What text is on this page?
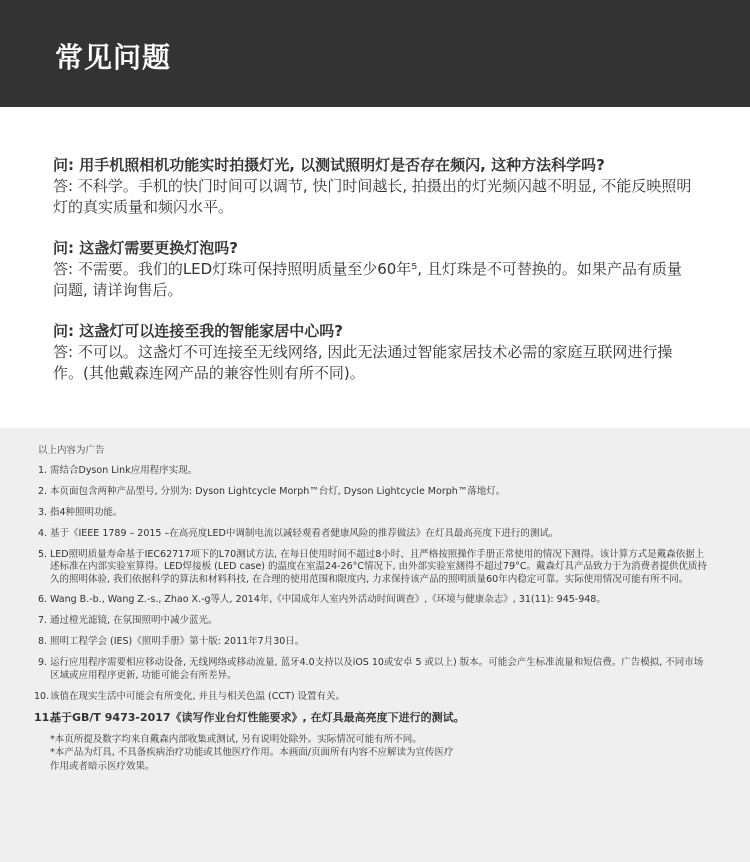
常见问题
问: 用手机照相机功能实时拍摄灯光, 以测试照明灯是否存在频闪, 这种方法科学吗?
答: 不科学。手机的快门时间可以调节, 快门时间越长, 拍摄出的灯光频闪越不明显, 不能反映照明灯的真实质量和频闪水平。
问: 这盏灯需要更换灯泡吗?
答: 不需要。我们的LED灯珠可保持照明质量至少60年⁵, 且灯珠是不可替换的。如果产品有质量问题, 请详询售后。
问: 这盏灯可以连接至我的智能家居中心吗?
答: 不可以。这盏灯不可连接至无线网络, 因此无法通过智能家居技术必需的家庭互联网进行操作。(其他戴森连网产品的兼容性则有所不同)。
以上内容为广告
1. 需结合Dyson Link应用程序实现。
2. 本页面包含两种产品型号, 分别为: Dyson Lightcycle Morph™台灯, Dyson Lightcycle Morph™落地灯。
3. 指4种照明功能。
4. 基于《IEEE 1789 – 2015 –在高亮度LED中调制电流以减轻观看者健康风险的推荐做法》在灯具最高亮度下进行的测试。
5. LED照明质量寿命基于IEC62717项下的L70测试方法, 在每日使用时间不超过8小时、且严格按照操作手册正常使用的情况下测得。该计算方式是戴森依据上述标准在内部实验室算得。LED焊接板 (LED case) 的温度在室温24-26°C情况下, 由外部实验室测得不超过79°C。戴森灯具产品致力于为消费者提供优质持久的照明体验, 我们依据科学的算法和材料科技, 在合理的使用范围和限度内, 力求保持该产品的照明质量60年内稳定可靠。实际使用情况可能有所不同。
6. Wang B.-b., Wang Z.-s., Zhao X.-g等人, 2014年,《中国成年人室内外活动时间调查》,《环境与健康杂志》, 31(11): 945-948。
7. 通过橙光滤镜, 在氛围照明中减少蓝光。
8. 照明工程学会 (IES)《照明手册》第十版: 2011年7月30日。
9. 运行应用程序需要相应移动设备, 无线网络或移动流量, 蓝牙4.0支持以及iOS 10或安卓 5 或以上) 版本。可能会产生标准流量和短信费。广告模拟, 不同市场区域或应用程序更新, 功能可能会有所差异。
10. 该值在现实生活中可能会有所变化, 并且与相关色温 (CCT) 设置有关。
11.
基于GB/T 9473-2017《读写作业台灯性能要求》, 在灯具最高亮度下进行的测试。
*本页所提及数字均来自戴森内部收集或测试, 另有说明处除外。实际情况可能有所不同。
*本产品为灯具, 不具备疾病治疗功能或其他医疗作用。本画面/页面所有内容不应解读为宣传医疗
作用或者暗示医疗效果。
